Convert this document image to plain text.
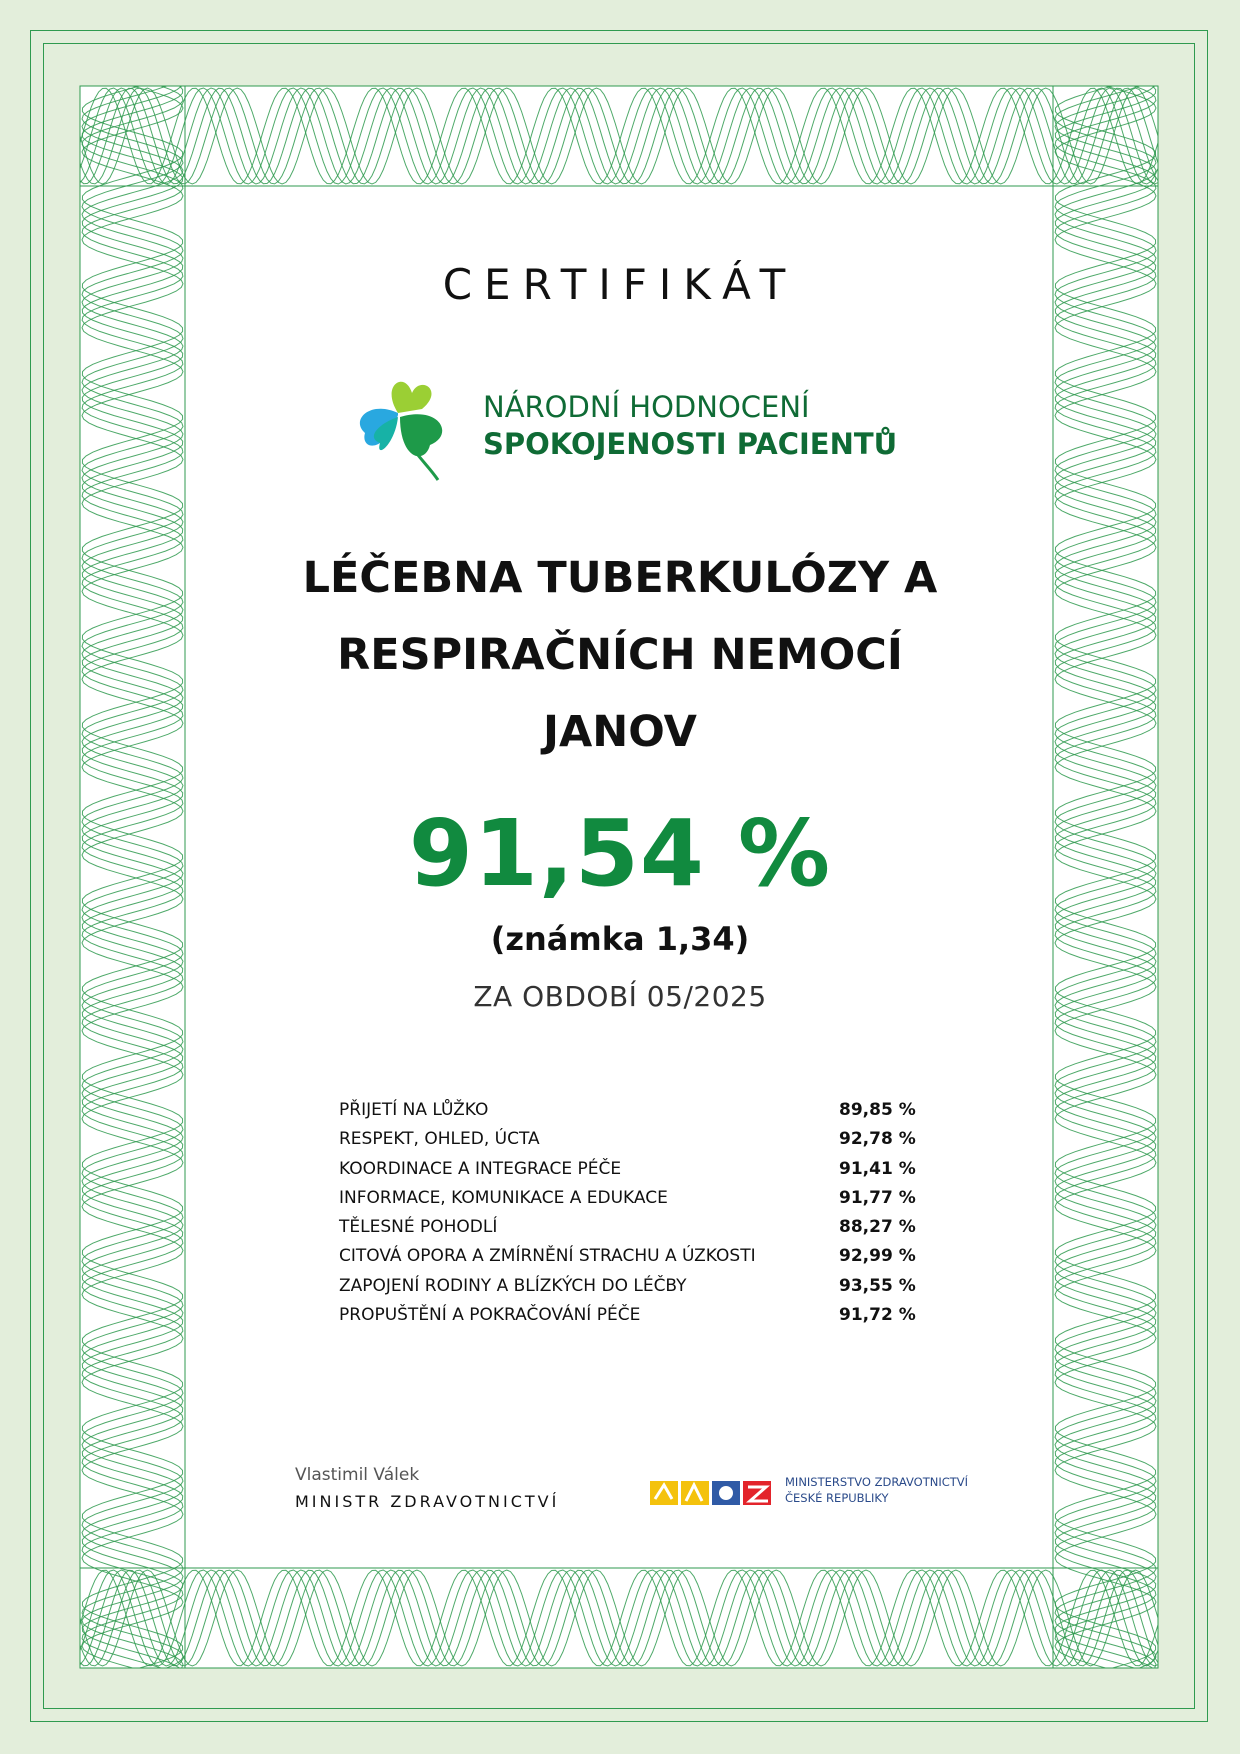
CERTIFIKÁT
NÁRODNÍ HODNOCENÍ
SPOKOJENOSTI PACIENTŮ
LÉČEBNA TUBERKULÓZY A
RESPIRAČNÍCH NEMOCÍ
JANOV
91,54 %
(známka 1,34)
ZA OBDOBÍ 05/2025
PŘIJETÍ NA LŮŽKO	89,85 %
RESPEKT, OHLED, ÚCTA	92,78 %
KOORDINACE A INTEGRACE PÉČE	91,41 %
INFORMACE, KOMUNIKACE A EDUKACE	91,77 %
TĚLESNÉ POHODLÍ	88,27 %
CITOVÁ OPORA A ZMÍRNĚNÍ STRACHU A ÚZKOSTI	92,99 %
ZAPOJENÍ RODINY A BLÍZKÝCH DO LÉČBY	93,55 %
PROPUŠTĚNÍ A POKRAČOVÁNÍ PÉČE	91,72 %
Vlastimil Válek
MINISTR ZDRAVOTNICTVÍ
MINISTERSTVO ZDRAVOTNICTVÍ
ČESKÉ REPUBLIKY
